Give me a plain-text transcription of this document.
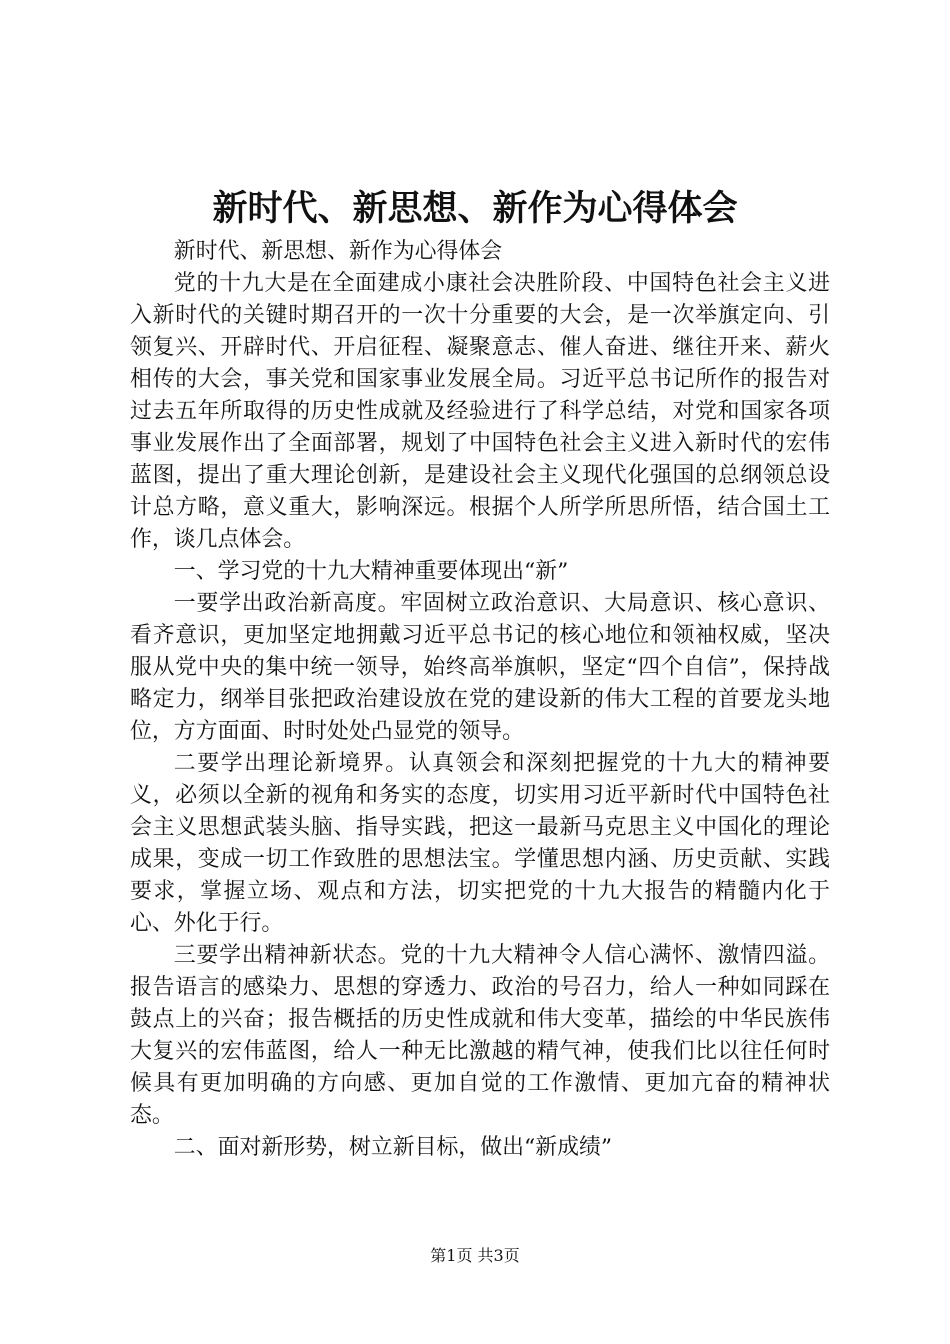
新时代、新思想、新作为心得体会

新时代、新思想、新作为心得体会

党的十九大是在全面建成小康社会决胜阶段、中国特色社会主义进入新时代的关键时期召开的一次十分重要的大会，是一次举旗定向、引领复兴、开辟时代、开启征程、凝聚意志、催人奋进、继往开来、薪火相传的大会，事关党和国家事业发展全局。习近平总书记所作的报告对过去五年所取得的历史性成就及经验进行了科学总结，对党和国家各项事业发展作出了全面部署，规划了中国特色社会主义进入新时代的宏伟蓝图，提出了重大理论创新，是建设社会主义现代化强国的总纲领总设计总方略，意义重大，影响深远。根据个人所学所思所悟，结合国土工作，谈几点体会。

一、学习党的十九大精神重要体现出“新”

一要学出政治新高度。牢固树立政治意识、大局意识、核心意识、看齐意识，更加坚定地拥戴习近平总书记的核心地位和领袖权威，坚决服从党中央的集中统一领导，始终高举旗帜，坚定“四个自信”，保持战略定力，纲举目张把政治建设放在党的建设新的伟大工程的首要龙头地位，方方面面、时时处处凸显党的领导。

二要学出理论新境界。认真领会和深刻把握党的十九大的精神要义，必须以全新的视角和务实的态度，切实用习近平新时代中国特色社会主义思想武装头脑、指导实践，把这一最新马克思主义中国化的理论成果，变成一切工作致胜的思想法宝。学懂思想内涵、历史贡献、实践要求，掌握立场、观点和方法，切实把党的十九大报告的精髓内化于心、外化于行。

三要学出精神新状态。党的十九大精神令人信心满怀、激情四溢。报告语言的感染力、思想的穿透力、政治的号召力，给人一种如同踩在鼓点上的兴奋；报告概括的历史性成就和伟大变革，描绘的中华民族伟大复兴的宏伟蓝图，给人一种无比激越的精气神，使我们比以往任何时候具有更加明确的方向感、更加自觉的工作激情、更加亢奋的精神状态。

二、面对新形势，树立新目标，做出“新成绩”

第1页 共3页
